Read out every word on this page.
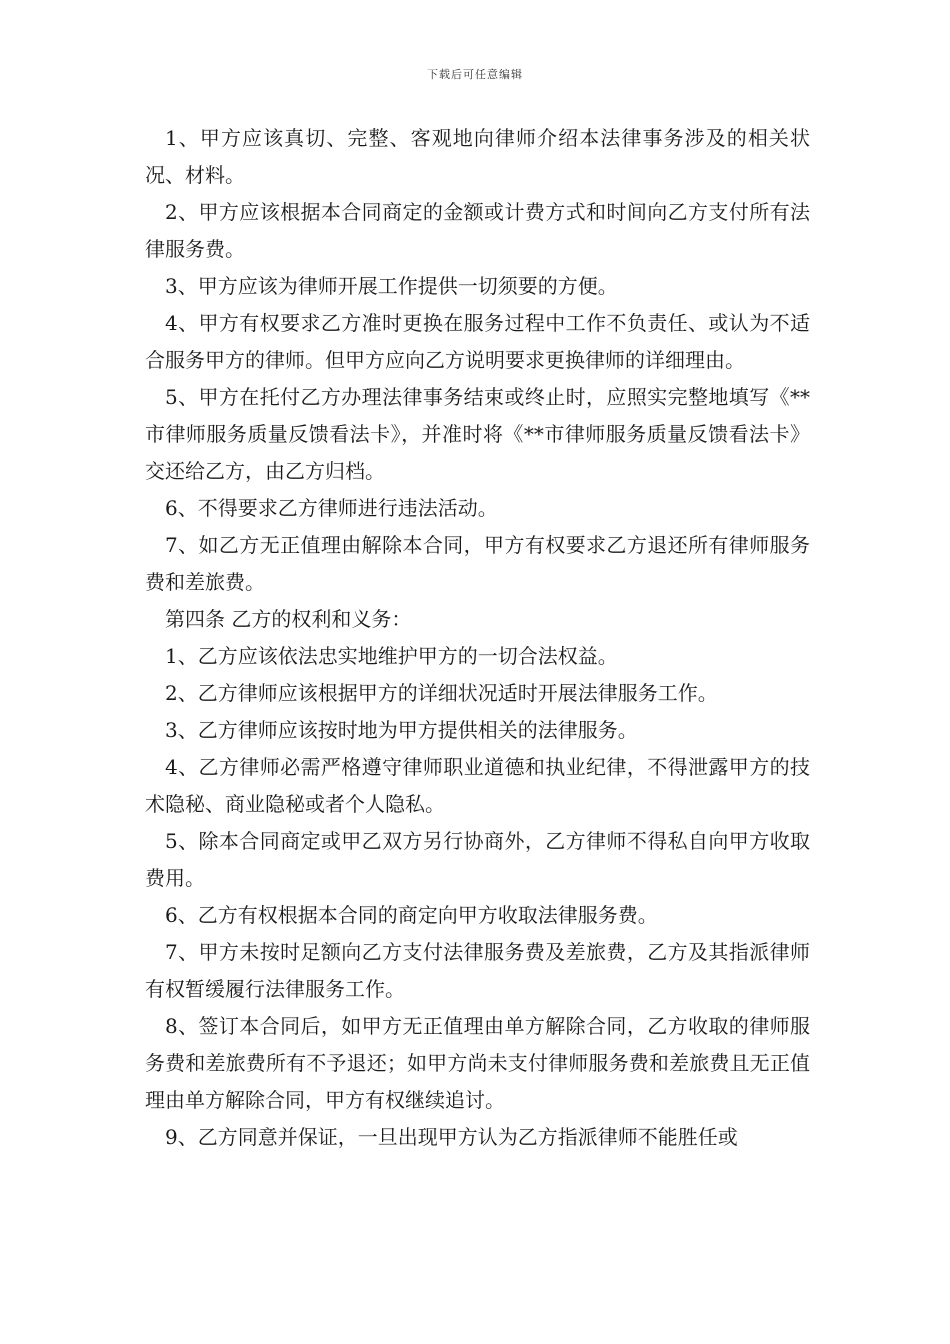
下载后可任意编辑

1、甲方应该真切、完整、客观地向律师介绍本法律事务涉及的相关状况、材料。

2、甲方应该根据本合同商定的金额或计费方式和时间向乙方支付所有法律服务费。

3、甲方应该为律师开展工作提供一切须要的方便。

4、甲方有权要求乙方准时更换在服务过程中工作不负责任、或认为不适合服务甲方的律师。但甲方应向乙方说明要求更换律师的详细理由。

5、甲方在托付乙方办理法律事务结束或终止时，应照实完整地填写《**市律师服务质量反馈看法卡》，并准时将《**市律师服务质量反馈看法卡》交还给乙方，由乙方归档。

6、不得要求乙方律师进行违法活动。

7、如乙方无正值理由解除本合同，甲方有权要求乙方退还所有律师服务费和差旅费。

第四条 乙方的权利和义务：

1、乙方应该依法忠实地维护甲方的一切合法权益。

2、乙方律师应该根据甲方的详细状况适时开展法律服务工作。

3、乙方律师应该按时地为甲方提供相关的法律服务。

4、乙方律师必需严格遵守律师职业道德和执业纪律，不得泄露甲方的技术隐秘、商业隐秘或者个人隐私。

5、除本合同商定或甲乙双方另行协商外，乙方律师不得私自向甲方收取费用。

6、乙方有权根据本合同的商定向甲方收取法律服务费。

7、甲方未按时足额向乙方支付法律服务费及差旅费，乙方及其指派律师有权暂缓履行法律服务工作。

8、签订本合同后，如甲方无正值理由单方解除合同，乙方收取的律师服务费和差旅费所有不予退还；如甲方尚未支付律师服务费和差旅费且无正值理由单方解除合同，甲方有权继续追讨。

9、乙方同意并保证，一旦出现甲方认为乙方指派律师不能胜任或
